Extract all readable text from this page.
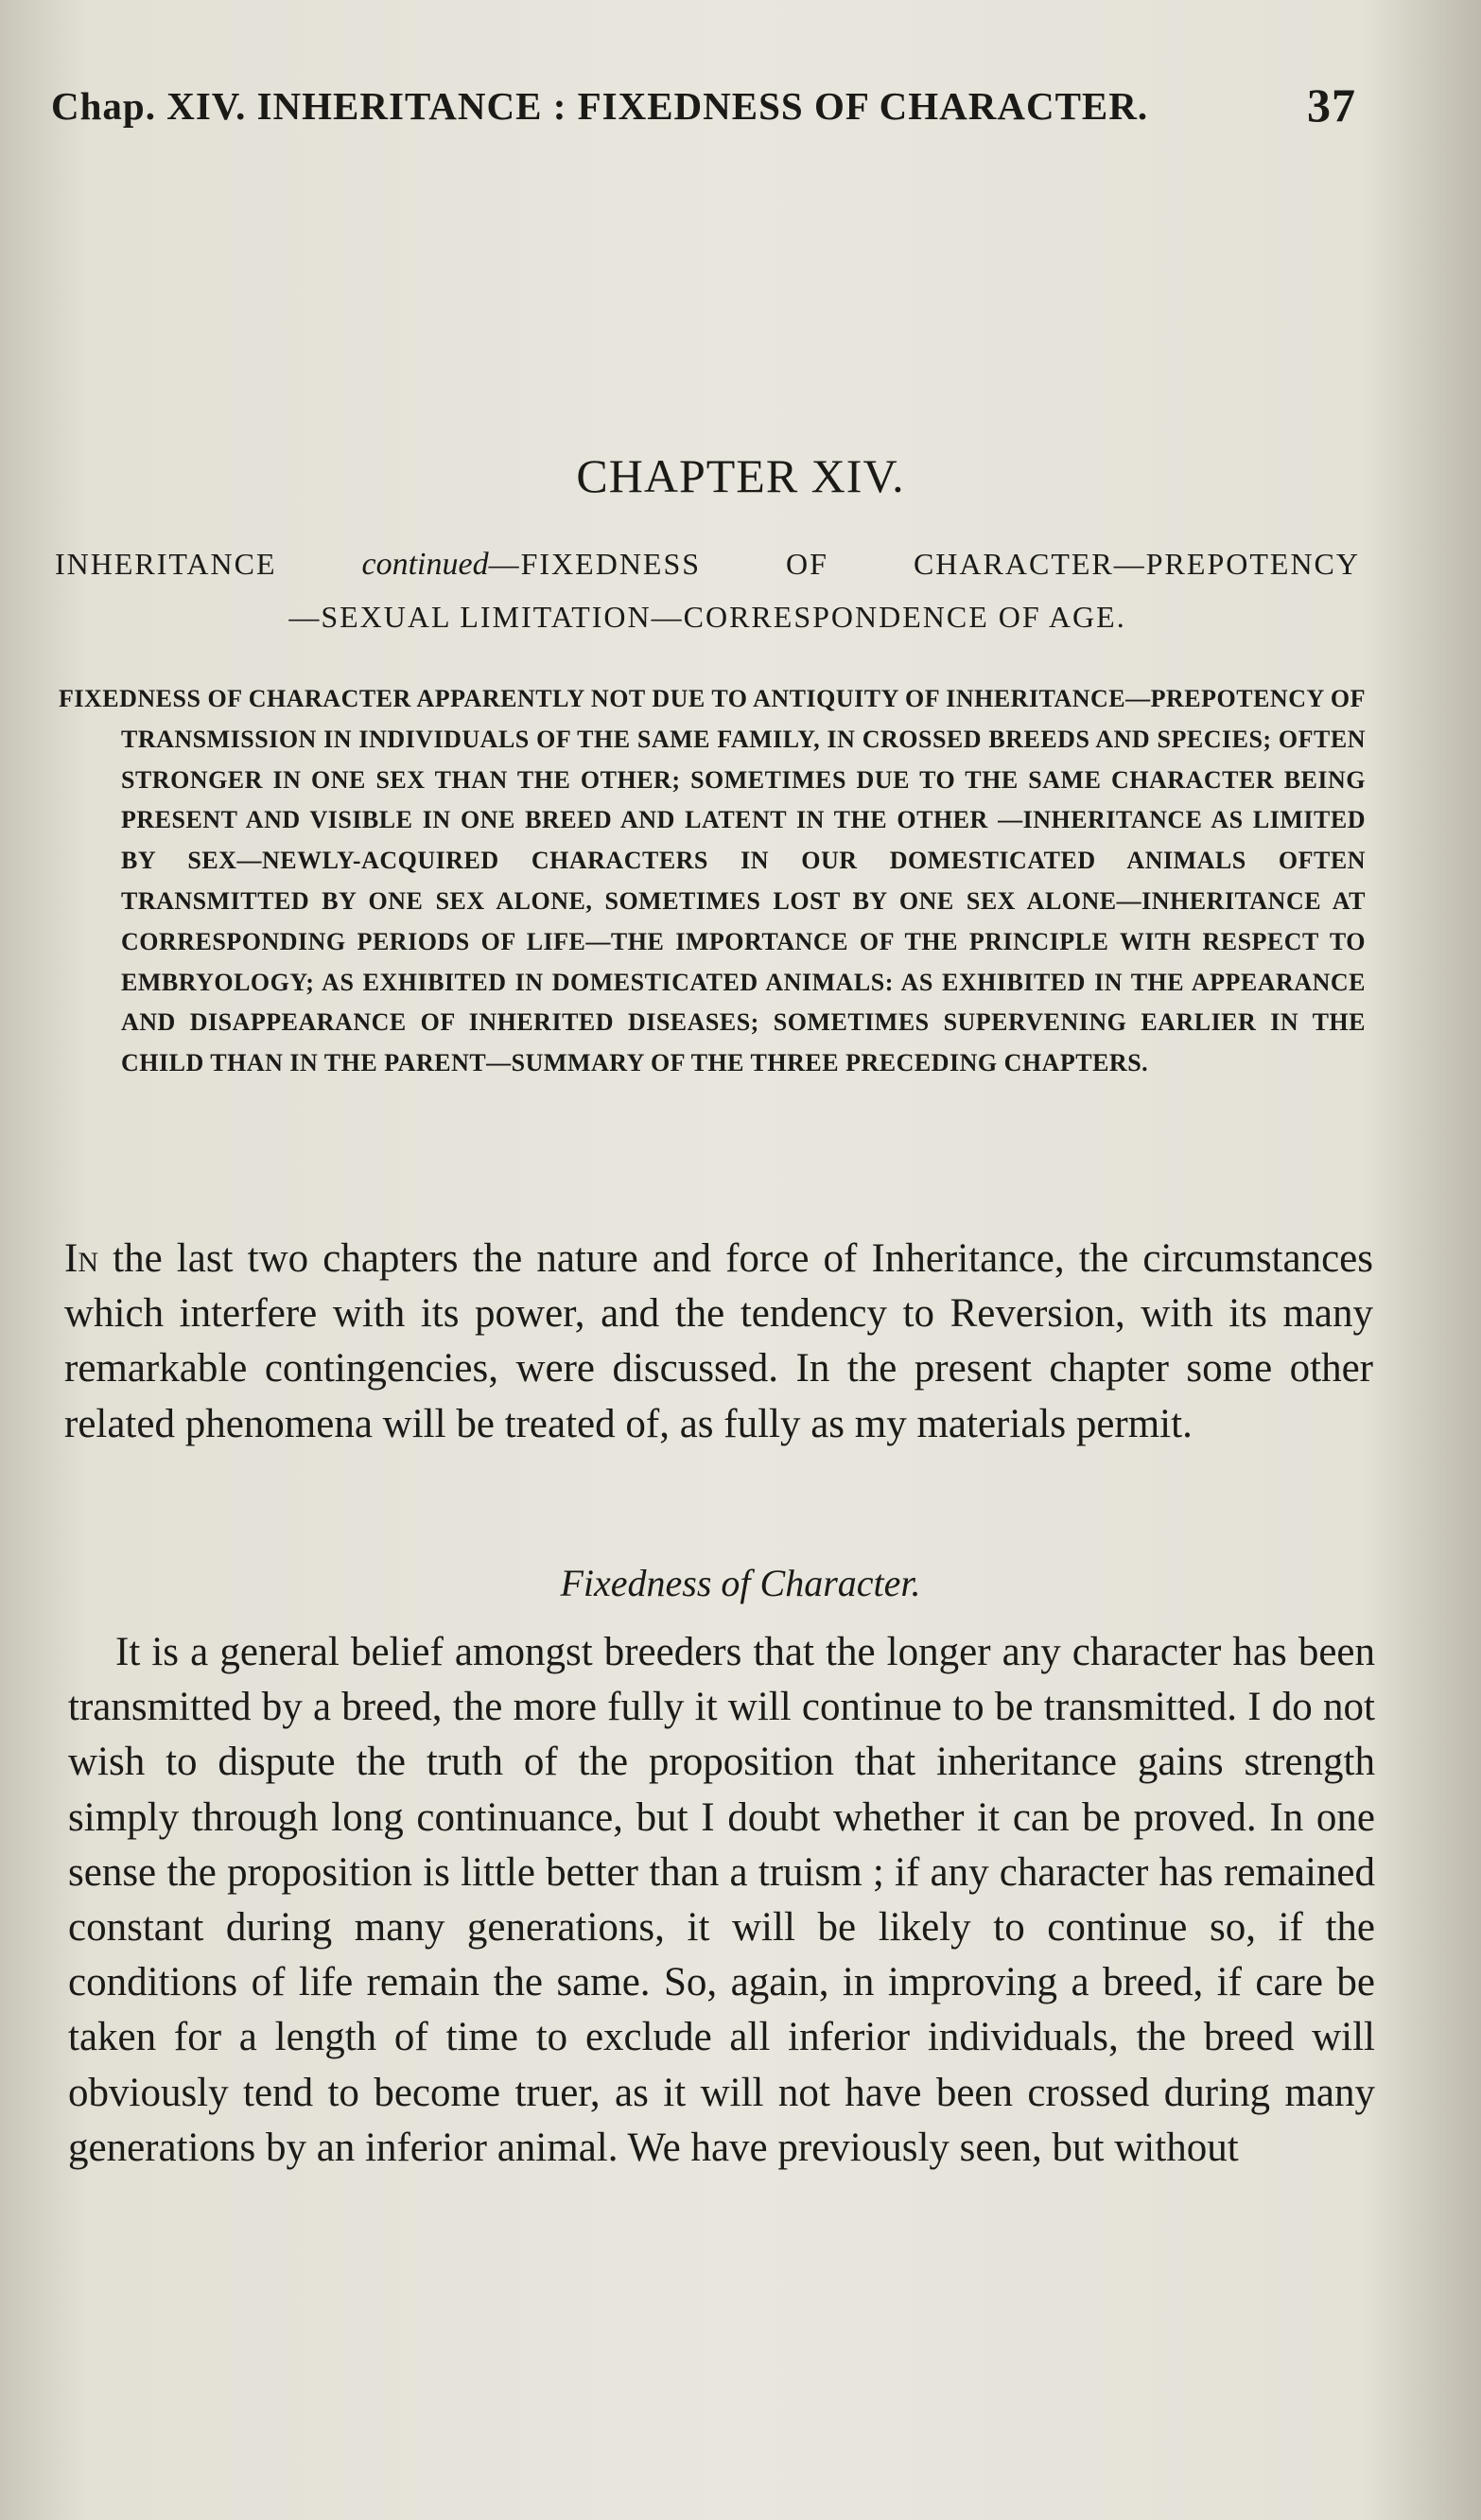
Chap. XIV. INHERITANCE : FIXEDNESS OF CHARACTER.	37
CHAPTER XIV.
INHERITANCE	continued—FIXEDNESS OF CHARACTER—PREPOTENCY
—SEXUAL LIMITATION—CORRESPONDENCE OF AGE.
FIXEDNESS OF CHARACTER APPARENTLY NOT DUE TO ANTIQUITY OF INHERITANCE—PREPOTENCY OF TRANSMISSION IN INDIVIDUALS OF THE SAME FAMILY, IN CROSSED BREEDS AND SPECIES; OFTEN STRONGER IN ONE SEX THAN THE OTHER; SOMETIMES DUE TO THE SAME CHARACTER BEING PRESENT AND VISIBLE IN ONE BREED AND LATENT IN THE OTHER —INHERITANCE AS LIMITED BY SEX—NEWLY-ACQUIRED CHARACTERS IN OUR DOMESTICATED ANIMALS OFTEN TRANSMITTED BY ONE SEX ALONE, SOMETIMES LOST BY ONE SEX ALONE—INHERITANCE AT CORRESPONDING PERIODS OF LIFE—THE IMPORTANCE OF THE PRINCIPLE WITH RESPECT TO EMBRYOLOGY; AS EXHIBITED IN DOMESTICATED ANIMALS: AS EXHIBITED IN THE APPEARANCE AND DISAPPEARANCE OF INHERITED DISEASES; SOMETIMES SUPERVENING EARLIER IN THE CHILD THAN IN THE PARENT—SUMMARY OF THE THREE PRECEDING CHAPTERS.

In the last two chapters the nature and force of Inheritance, the circumstances which interfere with its power, and the tendency to Reversion, with its many remarkable contingencies, were discussed. In the present chapter some other related phenomena will be treated of, as fully as my materials permit.

Fixedness of Character.

It is a general belief amongst breeders that the longer any character has been transmitted by a breed, the more fully it will continue to be transmitted. I do not wish to dispute the truth of the proposition that inheritance gains strength simply through long continuance, but I doubt whether it can be proved. In one sense the proposition is little better than a truism ; if any character has remained constant during many generations, it will be likely to continue so, if the conditions of life remain the same. So, again, in improving a breed, if care be taken for a length of time to exclude all inferior individuals, the breed will obviously tend to become truer, as it will not have been crossed during many generations by an inferior animal. We have previously seen, but without
